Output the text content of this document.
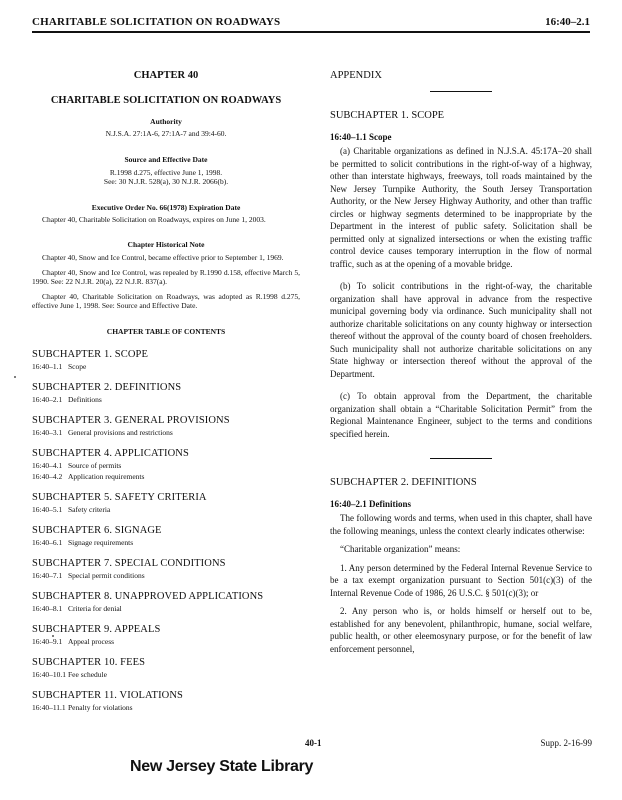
CHARITABLE SOLICITATION ON ROADWAYS	16:40–2.1
CHAPTER 40
CHARITABLE SOLICITATION ON ROADWAYS
Authority
N.J.S.A. 27:1A-6, 27:1A-7 and 39:4-60.
Source and Effective Date
R.1998 d.275, effective June 1, 1998.
See: 30 N.J.R. 528(a), 30 N.J.R. 2066(b).
Executive Order No. 66(1978) Expiration Date
Chapter 40, Charitable Solicitation on Roadways, expires on June 1, 2003.
Chapter Historical Note
Chapter 40, Snow and Ice Control, became effective prior to September 1, 1969.
Chapter 40, Snow and Ice Control, was repealed by R.1990 d.158, effective March 5, 1990. See: 22 N.J.R. 20(a), 22 N.J.R. 837(a).
Chapter 40, Charitable Solicitation on Roadways, was adopted as R.1998 d.275, effective June 1, 1998. See: Source and Effective Date.
CHAPTER TABLE OF CONTENTS
SUBCHAPTER 1. SCOPE
16:40–1.1 Scope
SUBCHAPTER 2. DEFINITIONS
16:40–2.1 Definitions
SUBCHAPTER 3. GENERAL PROVISIONS
16:40–3.1 General provisions and restrictions
SUBCHAPTER 4. APPLICATIONS
16:40–4.1 Source of permits
16:40–4.2 Application requirements
SUBCHAPTER 5. SAFETY CRITERIA
16:40–5.1 Safety criteria
SUBCHAPTER 6. SIGNAGE
16:40–6.1 Signage requirements
SUBCHAPTER 7. SPECIAL CONDITIONS
16:40–7.1 Special permit conditions
SUBCHAPTER 8. UNAPPROVED APPLICATIONS
16:40–8.1 Criteria for denial
SUBCHAPTER 9. APPEALS
16:40–9.1 Appeal process
SUBCHAPTER 10. FEES
16:40–10.1 Fee schedule
SUBCHAPTER 11. VIOLATIONS
16:40–11.1 Penalty for violations
APPENDIX
SUBCHAPTER 1. SCOPE
16:40–1.1 Scope
(a) Charitable organizations as defined in N.J.S.A. 45:17A–20 shall be permitted to solicit contributions in the right-of-way of a highway, other than interstate highways, freeways, toll roads maintained by the New Jersey Turnpike Authority, the South Jersey Transportation Authority, or the New Jersey Highway Authority, and other than traffic circles or highway segments determined to be inappropriate by the Department in the interest of public safety. Solicitation shall be permitted only at signalized intersections or when the existing traffic control device causes temporary interruption in the flow of normal traffic, such as at the opening of a movable bridge.
(b) To solicit contributions in the right-of-way, the charitable organization shall have approval in advance from the respective municipal governing body via ordinance. Such municipality shall not authorize charitable solicitations on any county highway or intersection thereof without the approval of the county board of chosen freeholders. Such municipality shall not authorize charitable solicitations on any State highway or intersection thereof without the approval of the Department.
(c) To obtain approval from the Department, the charitable organization shall obtain a “Charitable Solicitation Permit” from the Regional Maintenance Engineer, subject to the terms and conditions specified herein.
SUBCHAPTER 2. DEFINITIONS
16:40–2.1 Definitions
The following words and terms, when used in this chapter, shall have the following meanings, unless the context clearly indicates otherwise:
“Charitable organization” means:
1. Any person determined by the Federal Internal Revenue Service to be a tax exempt organization pursuant to Section 501(c)(3) of the Internal Revenue Code of 1986, 26 U.S.C. § 501(c)(3); or
2. Any person who is, or holds himself or herself out to be, established for any benevolent, philanthropic, humane, social welfare, public health, or other eleemosynary purpose, or for the benefit of law enforcement personnel,
40-1	Supp. 2-16-99
New Jersey State Library
